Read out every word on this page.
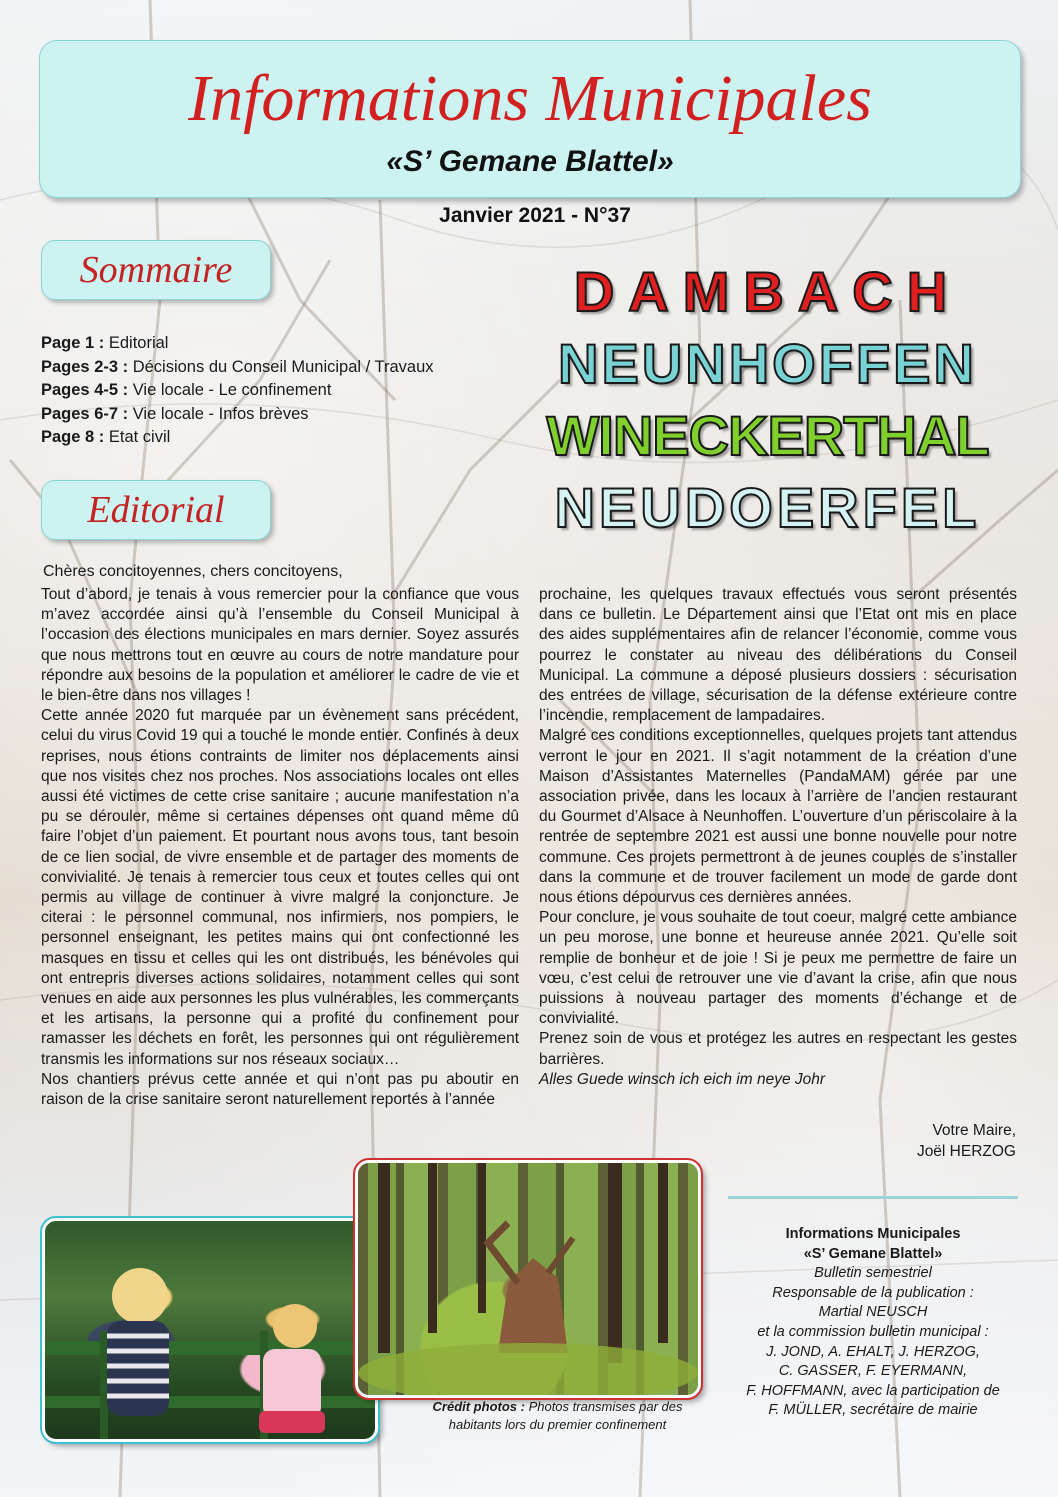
Informations Municipales
«S’ Gemane Blattel»
Janvier 2021 - N°37
Sommaire
Page 1 : Editorial
Pages 2-3 : Décisions du Conseil Municipal / Travaux
Pages 4-5 : Vie locale - Le confinement
Pages 6-7 : Vie locale - Infos brèves
Page 8 : Etat civil
DAMBACH
NEUNHOFFEN
WINECKERTHAL
NEUDOERFEL
Editorial
Chères concitoyennes, chers concitoyens,

Tout d’abord, je tenais à vous remercier pour la confiance que vous m’avez accordée ainsi qu’à l’ensemble du Conseil Municipal à l’occasion des élections municipales en mars dernier. Soyez assurés que nous mettrons tout en œuvre au cours de notre mandature pour répondre aux besoins de la population et améliorer le cadre de vie et le bien-être dans nos villages !

Cette année 2020 fut marquée par un évènement sans précédent, celui du virus Covid 19 qui a touché le monde entier. Confinés à deux reprises, nous étions contraints de limiter nos déplacements ainsi que nos visites chez nos proches. Nos associations locales ont elles aussi été victimes de cette crise sanitaire ; aucune manifestation n’a pu se dérouler, même si certaines dépenses ont quand même dû faire l’objet d’un paiement. Et pourtant nous avons tous, tant besoin de ce lien social, de vivre ensemble et de partager des moments de convivialité. Je tenais à remercier tous ceux et toutes celles qui ont permis au village de continuer à vivre malgré la conjoncture. Je citerai : le personnel communal, nos infirmiers, nos pompiers, le personnel enseignant, les petites mains qui ont confectionné les masques en tissu et celles qui les ont distribués, les bénévoles qui ont entrepris diverses actions solidaires, notamment celles qui sont venues en aide aux personnes les plus vulnérables, les commerçants et les artisans, la personne qui a profité du confinement pour ramasser les déchets en forêt, les personnes qui ont régulièrement transmis les informations sur nos réseaux sociaux…

Nos chantiers prévus cette année et qui n’ont pas pu aboutir en raison de la crise sanitaire seront naturellement reportés à l’année

prochaine, les quelques travaux effectués vous seront présentés dans ce bulletin. Le Département ainsi que l’Etat ont mis en place des aides supplémentaires afin de relancer l’économie, comme vous pourrez le constater au niveau des délibérations du Conseil Municipal. La commune a déposé plusieurs dossiers : sécurisation des entrées de village, sécurisation de la défense extérieure contre l’incendie, remplacement de lampadaires.

Malgré ces conditions exceptionnelles, quelques projets tant attendus verront le jour en 2021. Il s’agit notamment de la création d’une Maison d’Assistantes Maternelles (PandaMAM) gérée par une association privée, dans les locaux à l’arrière de l’ancien restaurant du Gourmet d’Alsace à Neunhoffen. L’ouverture d’un périscolaire à la rentrée de septembre 2021 est aussi une bonne nouvelle pour notre commune. Ces projets permettront à de jeunes couples de s’installer dans la commune et de trouver facilement un mode de garde dont nous étions dépourvus ces dernières années.

Pour conclure, je vous souhaite de tout coeur, malgré cette ambiance un peu morose, une bonne et heureuse année 2021. Qu’elle soit remplie de bonheur et de joie ! Si je peux me permettre de faire un vœu, c’est celui de retrouver une vie d’avant la crise, afin que nous puissions à nouveau partager des moments d’échange et de convivialité.

Prenez soin de vous et protégez les autres en respectant les gestes barrières.

Alles Guede winsch ich eich im neye Johr

Votre Maire,
Joël HERZOG
Crédit photos : Photos transmises par des habitants lors du premier confinement
Informations Municipales
«S’ Gemane Blattel»
Bulletin semestriel
Responsable de la publication :
Martial NEUSCH
et la commission bulletin municipal :
J. JOND, A. EHALT, J. HERZOG,
C. GASSER, F. EYERMANN,
F. HOFFMANN, avec la participation de
F. MÜLLER, secrétaire de mairie
